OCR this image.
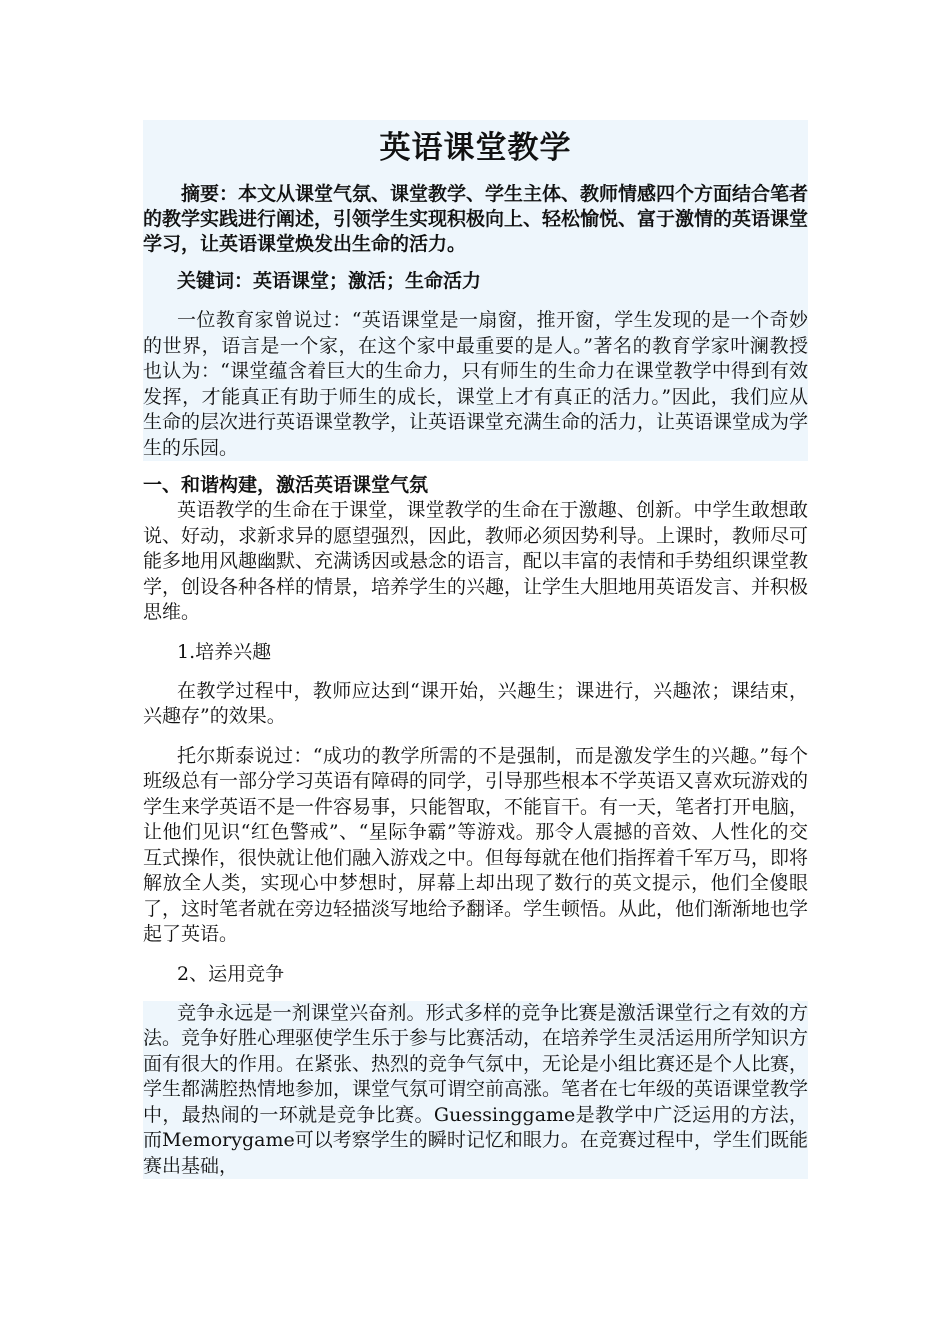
英语课堂教学

摘要：本文从课堂气氛、课堂教学、学生主体、教师情感四个方面结合笔者的教学实践进行阐述，引领学生实现积极向上、轻松愉悦、富于激情的英语课堂学习，让英语课堂焕发出生命的活力。

关键词：英语课堂；激活；生命活力

一位教育家曾说过：“英语课堂是一扇窗，推开窗，学生发现的是一个奇妙的世界，语言是一个家，在这个家中最重要的是人。”著名的教育学家叶澜教授也认为：“课堂蕴含着巨大的生命力，只有师生的生命力在课堂教学中得到有效发挥，才能真正有助于师生的成长，课堂上才有真正的活力。”因此，我们应从生命的层次进行英语课堂教学，让英语课堂充满生命的活力，让英语课堂成为学生的乐园。

一、和谐构建，激活英语课堂气氛

英语教学的生命在于课堂，课堂教学的生命在于激趣、创新。中学生敢想敢说、好动，求新求异的愿望强烈，因此，教师必须因势利导。上课时，教师尽可能多地用风趣幽默、充满诱因或悬念的语言，配以丰富的表情和手势组织课堂教学，创设各种各样的情景，培养学生的兴趣，让学生大胆地用英语发言、并积极思维。

1.培养兴趣

在教学过程中，教师应达到“课开始，兴趣生；课进行，兴趣浓；课结束，兴趣存”的效果。

托尔斯泰说过：“成功的教学所需的不是强制，而是激发学生的兴趣。”每个班级总有一部分学习英语有障碍的同学，引导那些根本不学英语又喜欢玩游戏的学生来学英语不是一件容易事，只能智取，不能盲干。有一天，笔者打开电脑，让他们见识“红色警戒”、“星际争霸”等游戏。那令人震撼的音效、人性化的交互式操作，很快就让他们融入游戏之中。但每每就在他们指挥着千军万马，即将解放全人类，实现心中梦想时，屏幕上却出现了数行的英文提示，他们全傻眼了，这时笔者就在旁边轻描淡写地给予翻译。学生顿悟。从此，他们渐渐地也学起了英语。

2、运用竞争

竞争永远是一剂课堂兴奋剂。形式多样的竞争比赛是激活课堂行之有效的方法。竞争好胜心理驱使学生乐于参与比赛活动，在培养学生灵活运用所学知识方面有很大的作用。在紧张、热烈的竞争气氛中，无论是小组比赛还是个人比赛，学生都满腔热情地参加，课堂气氛可谓空前高涨。笔者在七年级的英语课堂教学中，最热闹的一环就是竞争比赛。Guessinggame是教学中广泛运用的方法，而Memorygame可以考察学生的瞬时记忆和眼力。在竞赛过程中，学生们既能赛出基础，
